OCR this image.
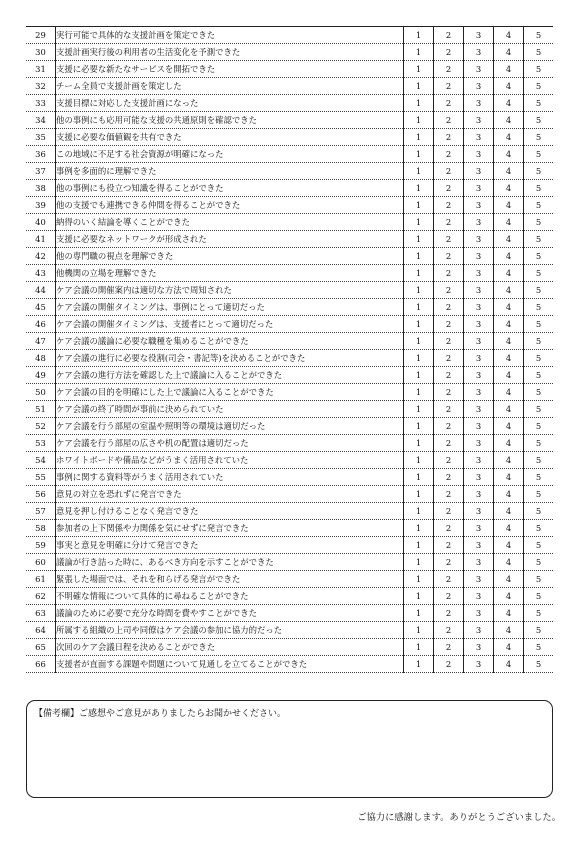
29	実行可能で具体的な支援計画を策定できた	1	2	3	4	5
30	支援計画実行後の利用者の生活変化を予測できた	1	2	3	4	5
31	支援に必要な新たなサービスを開拓できた	1	2	3	4	5
32	チーム全員で支援計画を策定した	1	2	3	4	5
33	支援目標に対応した支援計画になった	1	2	3	4	5
34	他の事例にも応用可能な支援の共通原則を確認できた	1	2	3	4	5
35	支援に必要な価値観を共有できた	1	2	3	4	5
36	この地域に不足する社会資源が明確になった	1	2	3	4	5
37	事例を多面的に理解できた	1	2	3	4	5
38	他の事例にも役立つ知識を得ることができた	1	2	3	4	5
39	他の支援でも連携できる仲間を得ることができた	1	2	3	4	5
40	納得のいく結論を導くことができた	1	2	3	4	5
41	支援に必要なネットワークが形成された	1	2	3	4	5
42	他の専門職の視点を理解できた	1	2	3	4	5
43	他機関の立場を理解できた	1	2	3	4	5
44	ケア会議の開催案内は適切な方法で周知された	1	2	3	4	5
45	ケア会議の開催タイミングは、事例にとって適切だった	1	2	3	4	5
46	ケア会議の開催タイミングは、支援者にとって適切だった	1	2	3	4	5
47	ケア会議の議論に必要な職種を集めることができた	1	2	3	4	5
48	ケア会議の進行に必要な役割(司会・書記等)を決めることができた	1	2	3	4	5
49	ケア会議の進行方法を確認した上で議論に入ることができた	1	2	3	4	5
50	ケア会議の目的を明確にした上で議論に入ることができた	1	2	3	4	5
51	ケア会議の終了時間が事前に決められていた	1	2	3	4	5
52	ケア会議を行う部屋の室温や照明等の環境は適切だった	1	2	3	4	5
53	ケア会議を行う部屋の広さや机の配置は適切だった	1	2	3	4	5
54	ホワイトボードや備品などがうまく活用されていた	1	2	3	4	5
55	事例に関する資料等がうまく活用されていた	1	2	3	4	5
56	意見の対立を恐れずに発言できた	1	2	3	4	5
57	意見を押し付けることなく発言できた	1	2	3	4	5
58	参加者の上下関係や力関係を気にせずに発言できた	1	2	3	4	5
59	事実と意見を明確に分けて発言できた	1	2	3	4	5
60	議論が行き詰った時に、あるべき方向を示すことができた	1	2	3	4	5
61	緊張した場面では、それを和らげる発言ができた	1	2	3	4	5
62	不明確な情報について具体的に尋ねることができた	1	2	3	4	5
63	議論のために必要で充分な時間を費やすことができた	1	2	3	4	5
64	所属する組織の上司や同僚はケア会議の参加に協力的だった	1	2	3	4	5
65	次回のケア会議日程を決めることができた	1	2	3	4	5
66	支援者が直面する課題や問題について見通しを立てることができた	1	2	3	4	5
【備考欄】ご感想やご意見がありましたらお聞かせください。
ご協力に感謝します。ありがとうございました。
